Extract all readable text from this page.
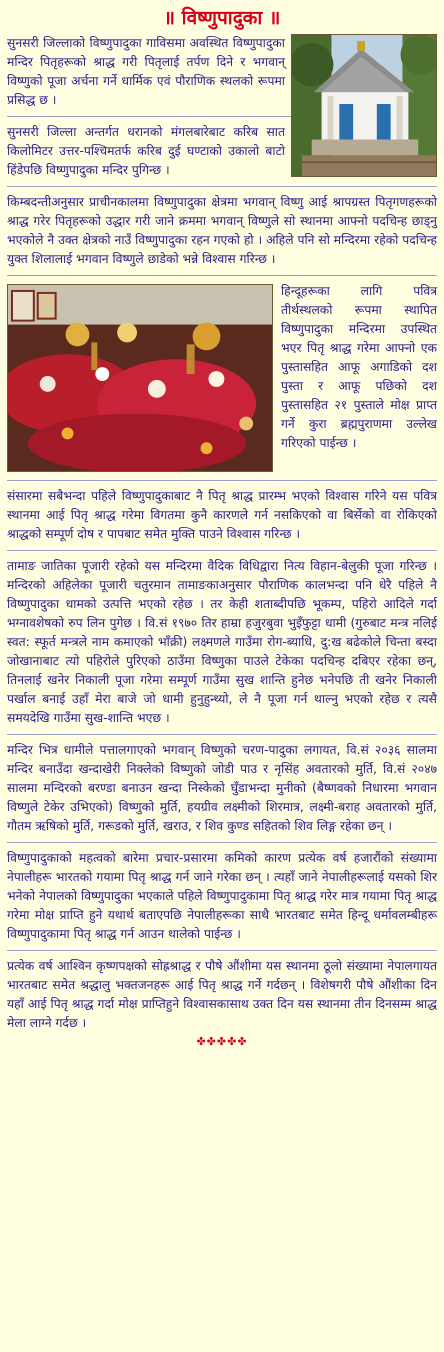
॥ विष्णुपादुका ॥

सुनसरी जिल्लाको विष्णुपादुका गाविसमा अवस्थित विष्णुपादुका मन्दिर पितृहरूको श्राद्ध गरी पितृलाई तर्पण दिने र भगवान् विष्णुको पूजा अर्चना गर्ने धार्मिक एवं पौराणिक स्थलको रूपमा प्रसिद्ध छ ।

सुनसरी जिल्ला अन्तर्गत धरानको मंगलबारेबाट करिब सात किलोमिटर उत्तर-पश्चिमतर्फ करिब दुई घण्टाको उकालो बाटो हिंडेपछि विष्णुपादुका मन्दिर पुगिन्छ ।

किम्बदन्तीअनुसार प्राचीनकालमा विष्णुपादुका क्षेत्रमा भगवान् विष्णु आई श्रापग्रस्त पितृगणहरूको श्राद्ध गरेर पितृहरूको उद्धार गरी जाने क्रममा भगवान् विष्णुले सो स्थानमा आफ्नो पदचिन्ह छाड्नु भएकोले नै उक्त क्षेत्रको नाउँ विष्णुपादुका रहन गएको हो । अहिले पनि सो मन्दिरमा रहेको पदचिन्ह युक्त शिलालाई भगवान विष्णुले छाडेको भन्ने विश्वास गरिन्छ ।

हिन्दूहरूका लागि पवित्र तीर्थस्थलको रूपमा स्थापित विष्णुपादुका मन्दिरमा उपस्थित भएर पितृ श्राद्ध गरेमा आफ्नो एक पुस्तासहित आफू अगाडिको दश पुस्ता र आफू पछिको दश पुस्तासहित २१ पुस्ताले मोक्ष प्राप्त गर्ने कुरा ब्रह्मपुराणमा उल्लेख गरिएको पाईन्छ ।

संसारमा सबैभन्दा पहिले विष्णुपादुकाबाट नै पितृ श्राद्ध प्रारम्भ भएको विश्वास गरिने यस पवित्र स्थानमा आई पितृ श्राद्ध गरेमा विगतमा कुनै कारणले गर्न नसकिएको वा बिर्सेको वा रोकिएको श्राद्धको सम्पूर्ण दोष र पापबाट समेत मुक्ति पाउने विश्वास गरिन्छ ।

तामाङ जातिका पूजारी रहेको यस मन्दिरमा वैदिक विधिद्वारा नित्य विहान-बेलुकी पूजा गरिन्छ । मन्दिरको अहिलेका पूजारी चतुरमान तामाङकाअनुसार पौराणिक कालभन्दा पनि धेरै पहिले नै विष्णुपादुका धामको उत्पत्ति भएको रहेछ । तर केही शताब्दीपछि भूकम्प, पहिरो आदिले गर्दा भग्नावशेषको रुप लिन पुगेछ । वि.सं १९७० तिर हाम्रा हजुरबुवा भुइँफुट्टा धामी (गुरुबाट मन्त्र नलिई स्वत: स्फूर्त मन्त्रले नाम कमाएको भाँक्री) लक्ष्मणले गाउँमा रोग-ब्याधि, दु:ख बढेकोले चिन्ता बस्दा जोखानाबाट त्यो पहिरोले पुरिएको ठाउँमा विष्णुका पाउले टेकेका पदचिन्ह दबिएर रहेका छन्, तिनलाई खनेर निकाली पूजा गरेमा सम्पूर्ण गाउँमा सुख शान्ति हुनेछ भनेपछि ती खनेर निकाली पर्खाल बनाई उहाँ मेरा बाजे जो धामी हुनुहुन्थ्यो, ले नै पूजा गर्न थाल्नु भएको रहेछ र त्यसै समयदेखि गाउँमा सुख-शान्ति भएछ ।

मन्दिर भित्र धामीले पत्तालगाएको भगवान् विष्णुको चरण-पादुका लगायत, वि.सं २०३६ सालमा मन्दिर बनाउँदा खन्दाखेरी निक्लेको विष्णुको जोडी पाउ र नृसिंह अवतारको मुर्ति, वि.सं २०४७ सालमा मन्दिरको बरण्डा बनाउन खन्दा निस्केको घुँडाभन्दा मुनीको (बैष्णवको निधारमा भगवान विष्णुले टेकेर उभिएको) विष्णुको मुर्ति, हयग्रीव लक्ष्मीको शिरमात्र, लक्ष्मी-बराह अवतारको मुर्ति, गौतम ऋषिको मुर्ति, गरूडको मुर्ति, खराउ, र शिव कुण्ड सहितको शिव लिङ्ग रहेका छन् ।

विष्णुपादुकाको महत्वको बारेमा प्रचार-प्रसारमा कमिको कारण प्रत्येक वर्ष हजारौंको संख्यामा नेपालीहरू भारतको गयामा पितृ श्राद्ध गर्न जाने गरेका छन् । त्यहाँ जाने नेपालीहरूलाई यसको शिर भनेको नेपालको विष्णुपादुका भएकाले पहिले विष्णुपादुकामा पितृ श्राद्ध गरेर मात्र गयामा पितृ श्राद्ध गरेमा मोक्ष प्राप्ति हुने यथार्थ बताएपछि नेपालीहरूका साथै भारतबाट समेत हिन्दू धर्मावलम्बीहरू विष्णुपादुकामा पितृ श्राद्ध गर्न आउन थालेको पाईन्छ ।

प्रत्येक वर्ष आश्विन कृष्णपक्षको सोह्रश्राद्ध र पौषे औंशीमा यस स्थानमा ठूलो संख्यामा नेपालगायत भारतबाट समेत श्रद्धालु भक्तजनहरू आई पितृ श्राद्ध गर्ने गर्दछन् । विशेषगरी पौषे औंशीका दिन यहाँ आई पितृ श्राद्ध गर्दा मोक्ष प्राप्तिहुने विश्वासकासाथ उक्त दिन यस स्थानमा तीन दिनसम्म श्राद्ध मेला लाग्ने गर्दछ ।

✤✤✤✤✤
